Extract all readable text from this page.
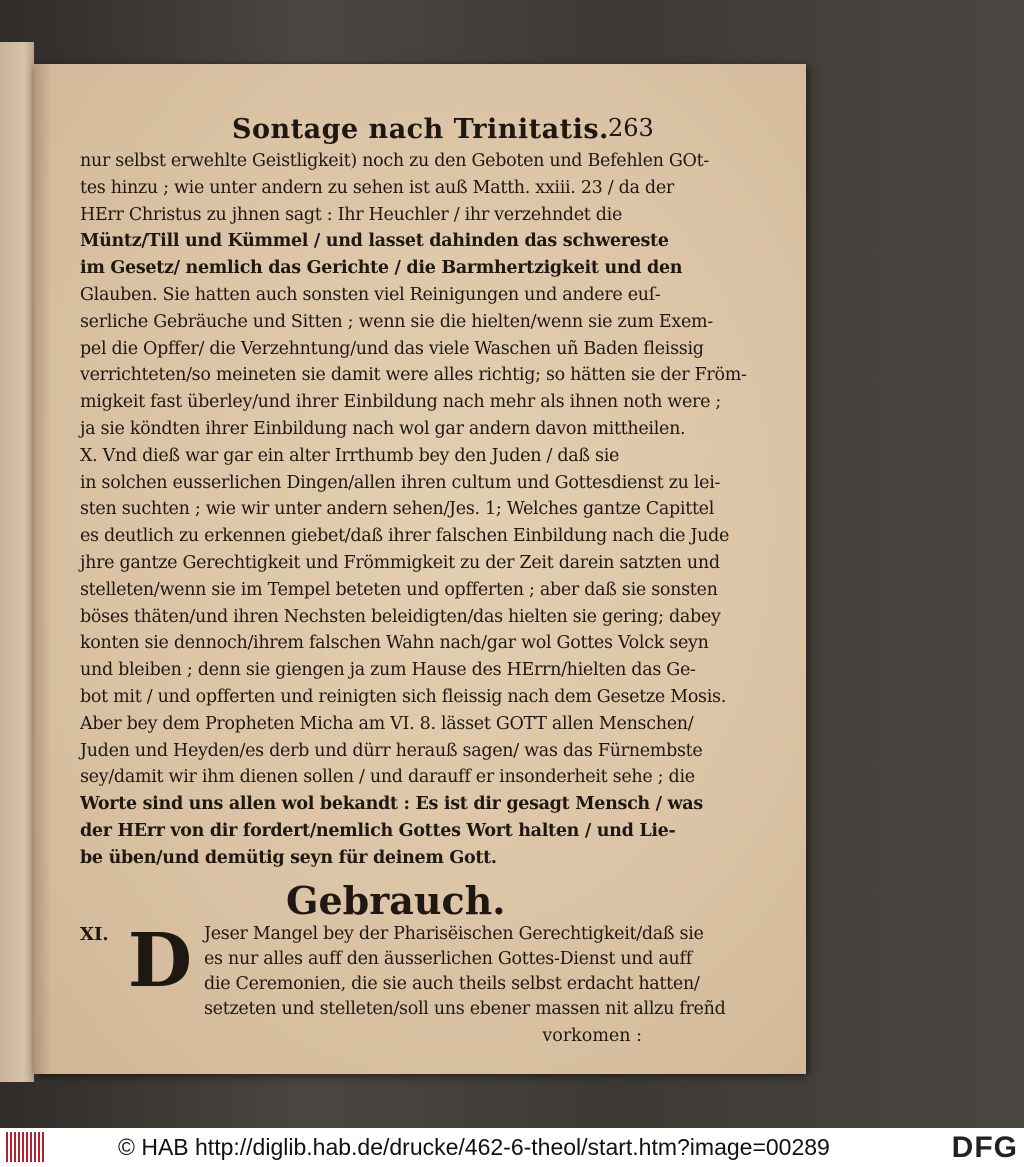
Sontage nach Trinitatis. 263
nur selbst erwehlte Geistligkeit) noch zu den Geboten und Befehlen GOt-
tes hinzu ; wie unter andern zu sehen ist auß Matth. xxiii. 23 / da der
HErr Christus zu jhnen sagt : Ihr Heuchler / ihr verzehndet die
Müntz/Till und Kümmel / und lasset dahinden das schwereste
im Gesetz/ nemlich das Gerichte / die Barmhertzigkeit und den
Glauben. Sie hatten auch sonsten viel Reinigungen und andere euſ-
serliche Gebräuche und Sitten ; wenn sie die hielten/wenn sie zum Exem-
pel die Opffer/ die Verzehntung/und das viele Waschen uñ Baden fleissig
verrichteten/so meineten sie damit were alles richtig; so hätten sie der Fröm-
migkeit fast überley/und ihrer Einbildung nach mehr als ihnen noth were ;
ja sie köndten ihrer Einbildung nach wol gar andern davon mittheilen.
X. Vnd dieß war gar ein alter Irrthumb bey den Juden / daß sie
in solchen eusserlichen Dingen/allen ihren cultum und Gottesdienst zu lei-
sten suchten ; wie wir unter andern sehen/Jes. 1; Welches gantze Capittel
es deutlich zu erkennen giebet/daß ihrer falschen Einbildung nach die Jude
jhre gantze Gerechtigkeit und Frömmigkeit zu der Zeit darein satzten und
stelleten/wenn sie im Tempel beteten und opfferten ; aber daß sie sonsten
böses thäten/und ihren Nechsten beleidigten/das hielten sie gering; dabey
konten sie dennoch/ihrem falschen Wahn nach/gar wol Gottes Volck seyn
und bleiben ; denn sie giengen ja zum Hause des HErrn/hielten das Ge-
bot mit / und opfferten und reinigten sich fleissig nach dem Gesetze Mosis.
Aber bey dem Propheten Micha am VI. 8. lässet GOTT allen Menschen/
Juden und Heyden/es derb und dürr herauß sagen/ was das Fürnembste
sey/damit wir ihm dienen sollen / und darauff er insonderheit sehe ; die
Worte sind uns allen wol bekandt : Es ist dir gesagt Mensch / was
der HErr von dir fordert/nemlich Gottes Wort halten / und Lie-
be üben/und demütig seyn für deinem Gott.
Gebrauch.
XI. D Jeser Mangel bey der Pharisëischen Gerechtigkeit/daß sie
es nur alles auff den äusserlichen Gottes-Dienst und auff
die Ceremonien, die sie auch theils selbst erdacht hatten/
setzeten und stelleten/soll uns ebener massen nit allzu freñd
vorkomen :
© HAB http://diglib.hab.de/drucke/462-6-theol/start.htm?image=00289	DFG
